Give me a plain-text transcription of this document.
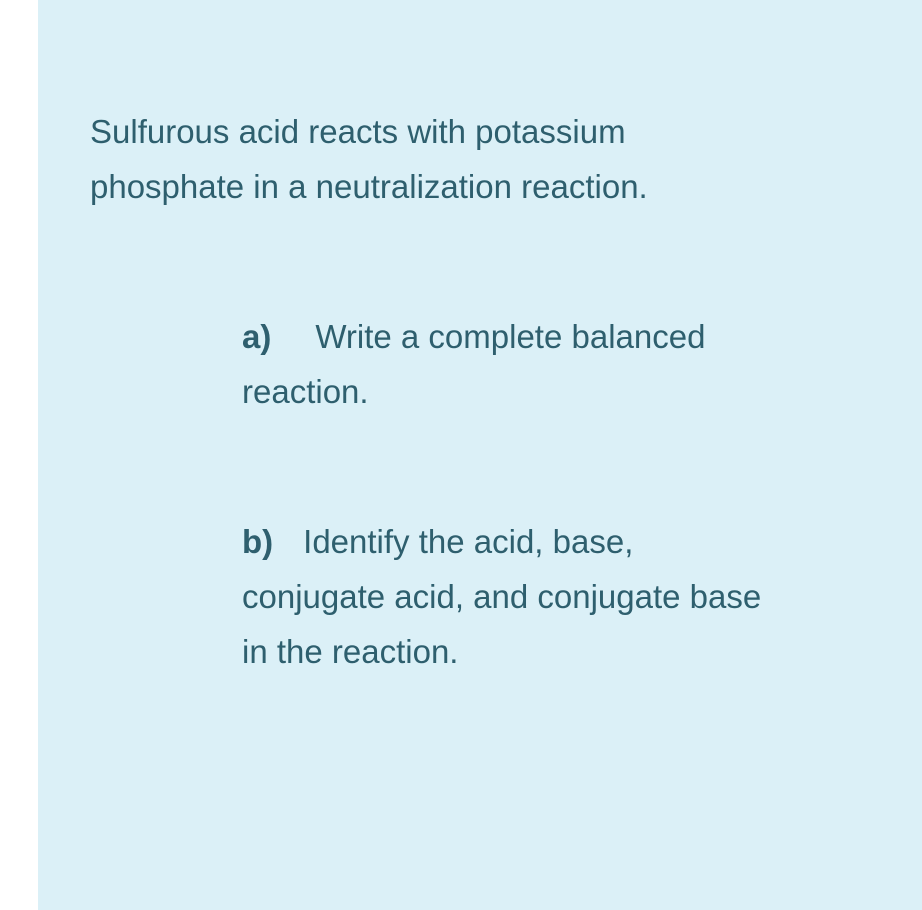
Sulfurous acid reacts with potassium
phosphate in a neutralization reaction.
a) Write a complete balanced
reaction.
b) Identify the acid, base,
conjugate acid, and conjugate base
in the reaction.
